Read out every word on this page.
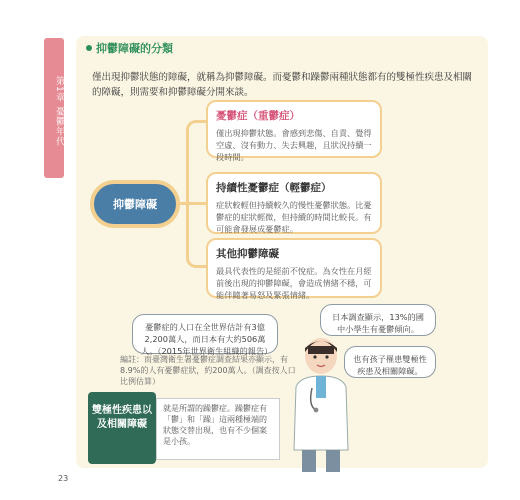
第1章 憂鬱年代
抑鬱障礙的分類
僅出現抑鬱狀態的障礙，就稱為抑鬱障礙。而憂鬱和躁鬱兩種狀態都有的雙極性疾患及相關的障礙，則需要和抑鬱障礙分開來談。
抑鬱障礙
憂鬱症（重鬱症）

僅出現抑鬱狀態。會感到悲傷、自責、覺得空虛、沒有動力、失去興趣，且狀況持續一段時間。

持續性憂鬱症（輕鬱症）

症狀較輕但持續較久的慢性憂鬱狀態。比憂鬱症的症狀輕微，但持續的時間比較長。有可能會發展成憂鬱症。

其他抑鬱障礙

最具代表性的是經前不悅症。為女性在月經前後出現的抑鬱障礙，會造成情緒不穩，可能伴隨著易怒及緊張情緒。

憂鬱症的人口在全世界估計有3億2,200萬人，而日本有大約506萬人。（2015年世界衛生組織的報告）
編註：而臺灣衛生署憂鬱症調查結果亦顯示，有8.9%的人有憂鬱症狀，約200萬人。（調查按人口比例估算）
日本調查顯示，13%的國中小學生有憂鬱傾向。
也有孩子罹患雙極性疾患及相關障礙。
雙極性疾患以及相關障礙
就是所謂的躁鬱症。躁鬱症有「鬱」和「躁」這兩種極端的狀態交替出現，也有不少個案是小孩。
23
